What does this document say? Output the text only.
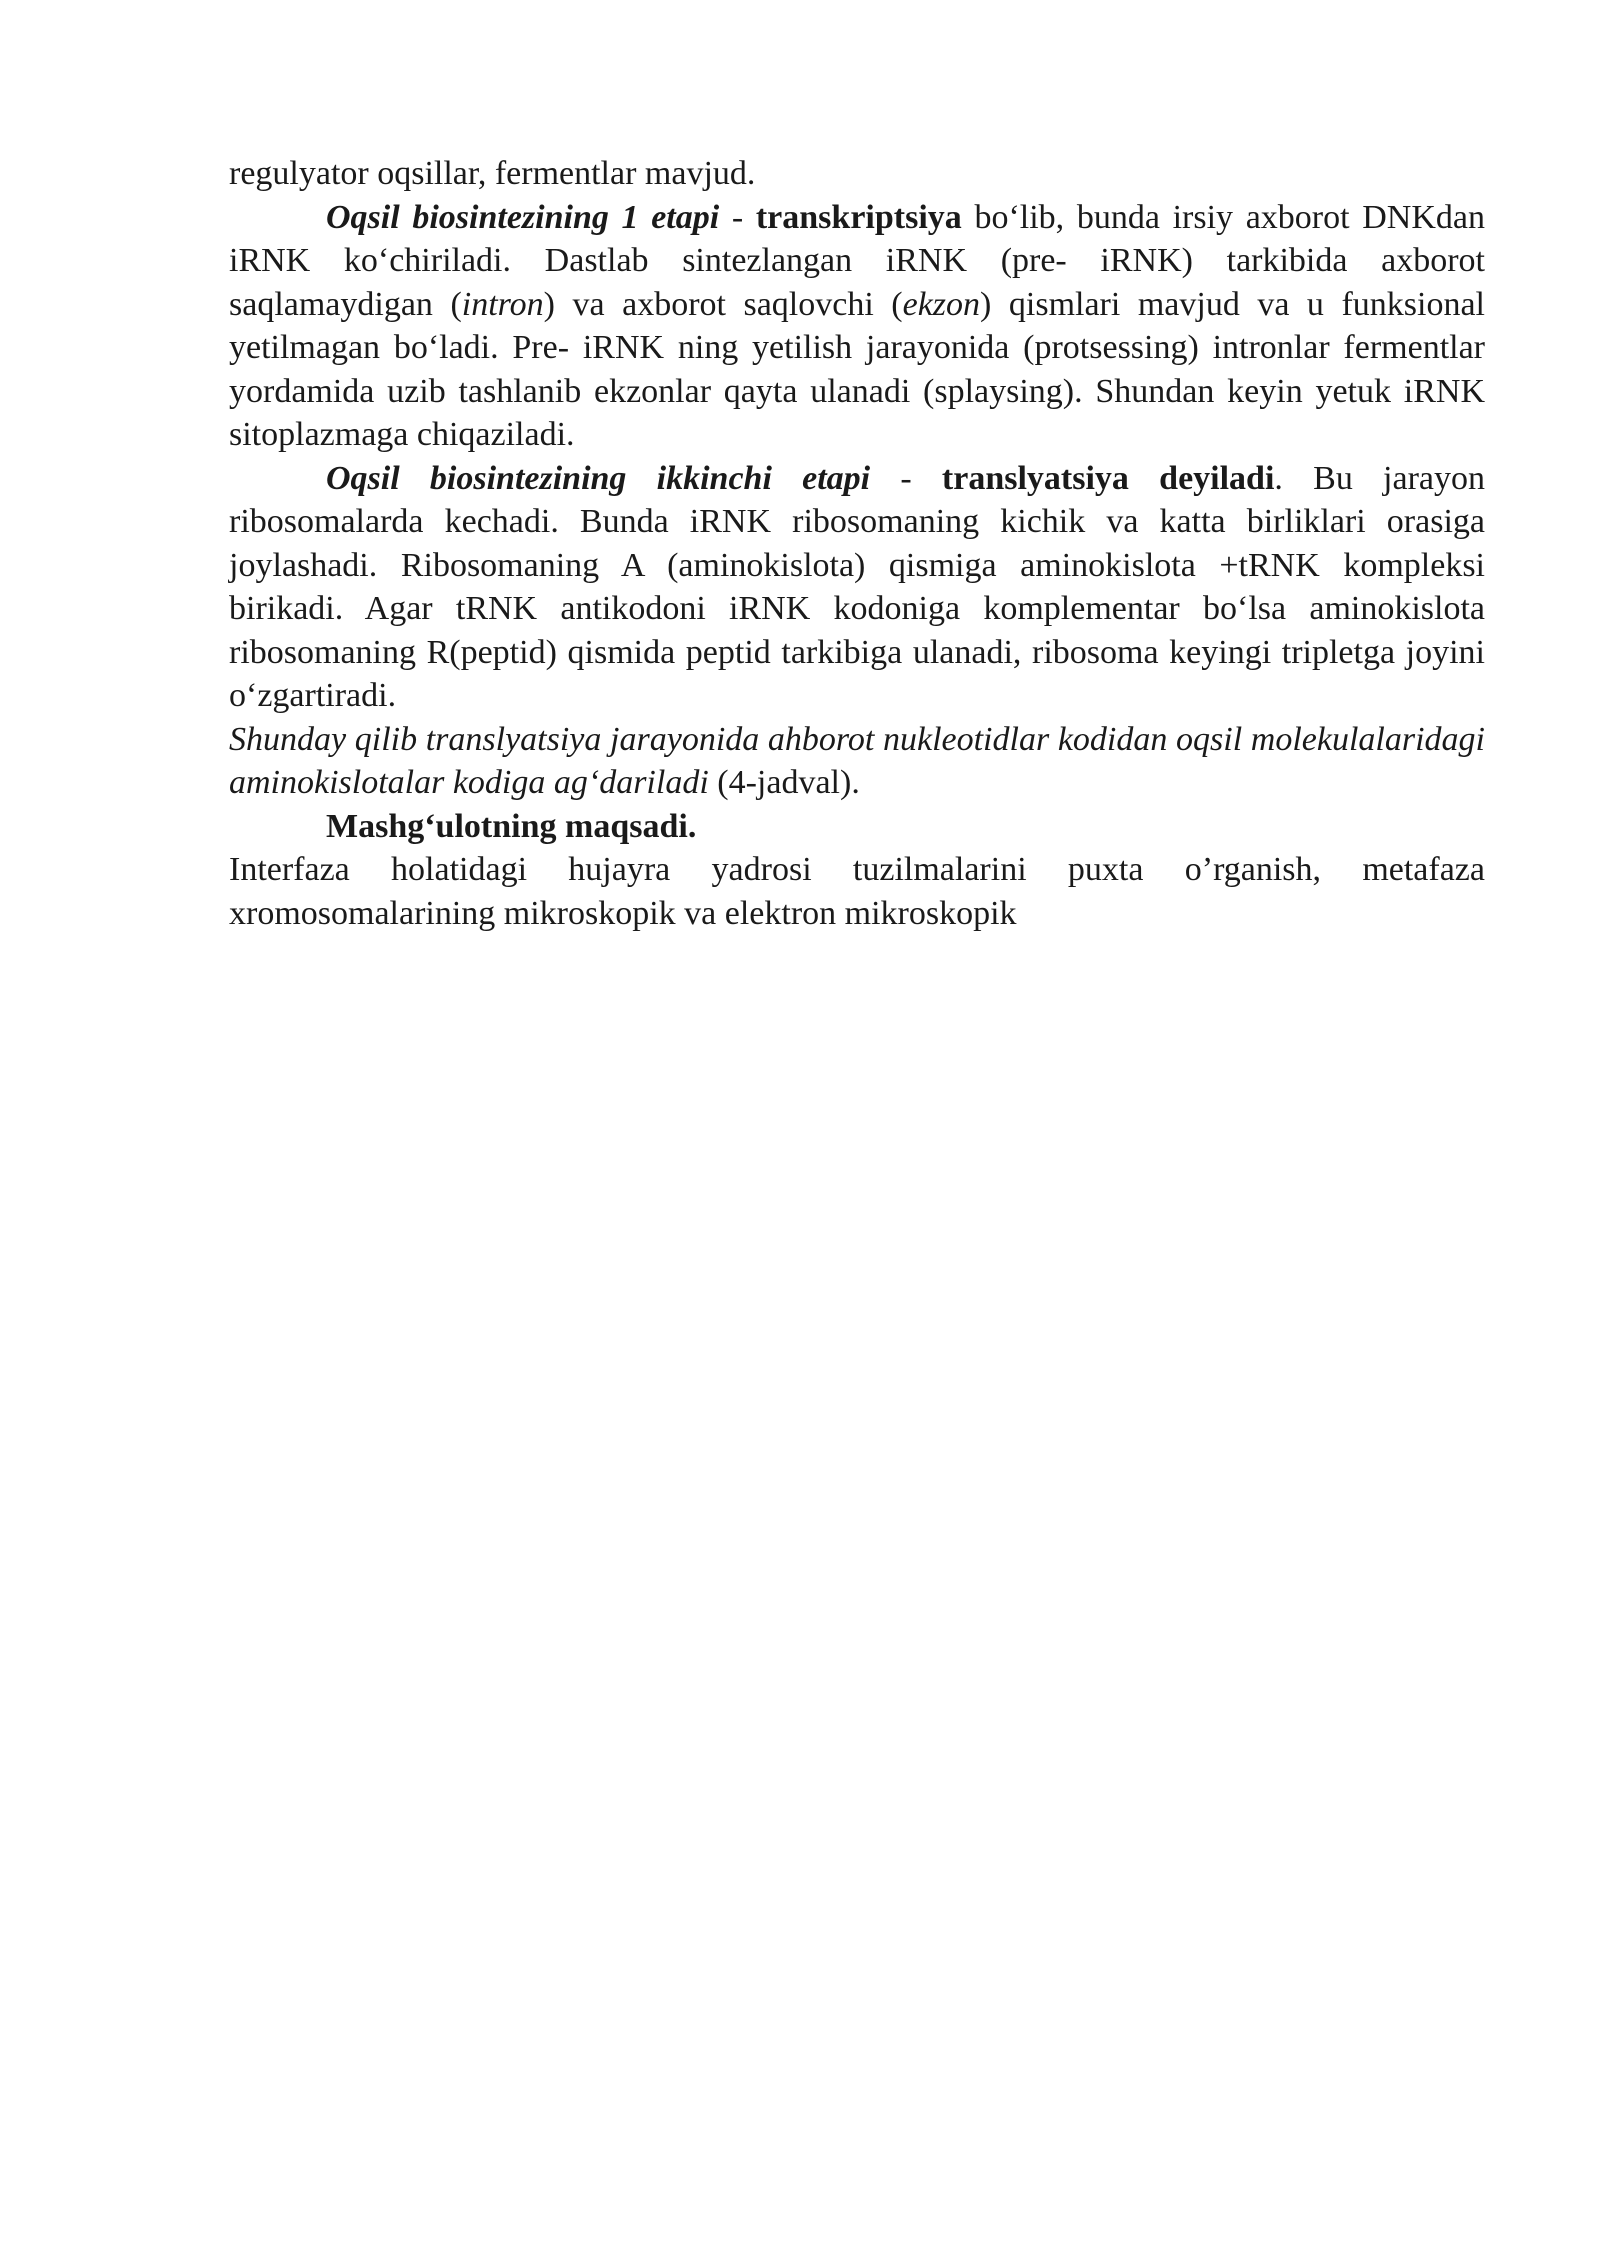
regulyator oqsillar, fermentlar mavjud.

Oqsil biosintezining 1 etapi - transkriptsiya bo‘lib, bunda irsiy axborot DNKdan iRNK ko‘chiriladi. Dastlab sintezlangan iRNK (pre- iRNK) tarkibida axborot saqlamaydigan (intron) va axborot saqlovchi (ekzon) qismlari mavjud va u funksional yetilmagan bo‘ladi. Pre- iRNK ning yetilish jarayonida (protsessing) intronlar fermentlar yordamida uzib tashlanib ekzonlar qayta ulanadi (splaysing). Shundan keyin yetuk iRNK sitoplazmaga chiqaziladi.

Oqsil biosintezining ikkinchi etapi - translyatsiya deyiladi. Bu jarayon ribosomalarda kechadi. Bunda iRNK ribosomaning kichik va katta birliklari orasiga joylashadi. Ribosomaning A (aminokislota) qismiga aminokislota +tRNK kompleksi birikadi. Agar tRNK antikodoni iRNK kodoniga komplementar bo‘lsa aminokislota ribosomaning R(peptid) qismida peptid tarkibiga ulanadi, ribosoma keyingi tripletga joyini o‘zgartiradi.

Shunday qilib translyatsiya jarayonida ahborot nukleotidlar kodidan oqsil molekulalaridagi aminokislotalar kodiga ag‘dariladi (4-jadval).

Mashg‘ulotning maqsadi.

Interfaza holatidagi hujayra yadrosi tuzilmalarini puxta o’rganish, metafaza xromosomalarining mikroskopik va elektron mikroskopik
